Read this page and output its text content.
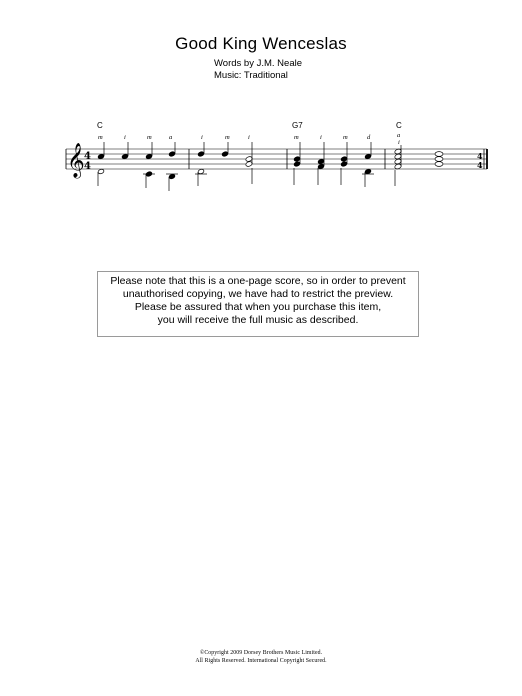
Good King Wenceslas
Words by J.M. Neale
Music: Traditional
C	G7	C
m	i	m	a	i	m	i	m	i	m	d	a
i
𝄞 4
4
4
4
Please note that this is a one-page score, so in order to prevent
unauthorised copying, we have had to restrict the preview.
Please be assured that when you purchase this item,
you will receive the full music as described.
©Copyright 2009 Dorsey Brothers Music Limited.
All Rights Reserved. International Copyright Secured.
